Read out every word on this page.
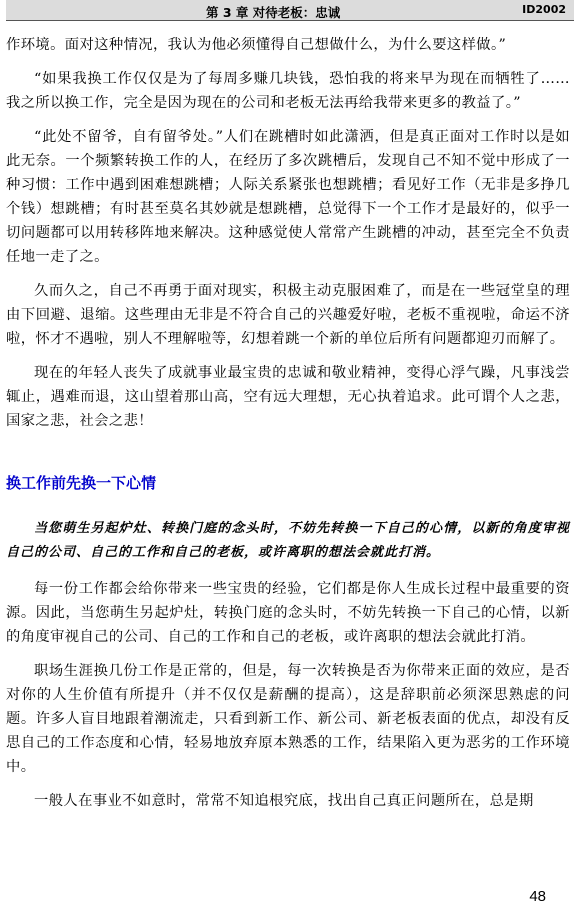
第 3 章 对待老板：忠诚	ID2002

作环境。面对这种情况，我认为他必须懂得自己想做什么，为什么要这样做。”

“如果我换工作仅仅是为了每周多赚几块钱，恐怕我的将来早为现在而牺牲了……我之所以换工作，完全是因为现在的公司和老板无法再给我带来更多的教益了。”

“此处不留爷，自有留爷处。”人们在跳槽时如此潇洒，但是真正面对工作时以是如此无奈。一个频繁转换工作的人，在经历了多次跳槽后，发现自己不知不觉中形成了一种习惯：工作中遇到困难想跳槽；人际关系紧张也想跳槽；看见好工作（无非是多挣几个钱）想跳槽；有时甚至莫名其妙就是想跳槽，总觉得下一个工作才是最好的，似乎一切问题都可以用转移阵地来解决。这种感觉使人常常产生跳槽的冲动，甚至完全不负责任地一走了之。

久而久之，自己不再勇于面对现实，积极主动克服困难了，而是在一些冠堂皇的理由下回避、退缩。这些理由无非是不符合自己的兴趣爱好啦，老板不重视啦，命运不济啦，怀才不遇啦，别人不理解啦等，幻想着跳一个新的单位后所有问题都迎刃而解了。

现在的年轻人丧失了成就事业最宝贵的忠诚和敬业精神，变得心浮气躁，凡事浅尝辄止，遇难而退，这山望着那山高，空有远大理想，无心执着追求。此可谓个人之悲，国家之悲，社会之悲！

换工作前先换一下心情

当您萌生另起炉灶、转换门庭的念头时，不妨先转换一下自己的心情，以新的角度审视自己的公司、自己的工作和自己的老板，或许离职的想法会就此打消。

每一份工作都会给你带来一些宝贵的经验，它们都是你人生成长过程中最重要的资源。因此，当您萌生另起炉灶，转换门庭的念头时，不妨先转换一下自己的心情，以新的角度审视自己的公司、自己的工作和自己的老板，或许离职的想法会就此打消。

职场生涯换几份工作是正常的，但是，每一次转换是否为你带来正面的效应，是否对你的人生价值有所提升（并不仅仅是薪酬的提高），这是辞职前必须深思熟虑的问题。许多人盲目地跟着潮流走，只看到新工作、新公司、新老板表面的优点，却没有反思自己的工作态度和心情，轻易地放弃原本熟悉的工作，结果陷入更为恶劣的工作环境中。

一般人在事业不如意时，常常不知追根究底，找出自己真正问题所在，总是期

48
